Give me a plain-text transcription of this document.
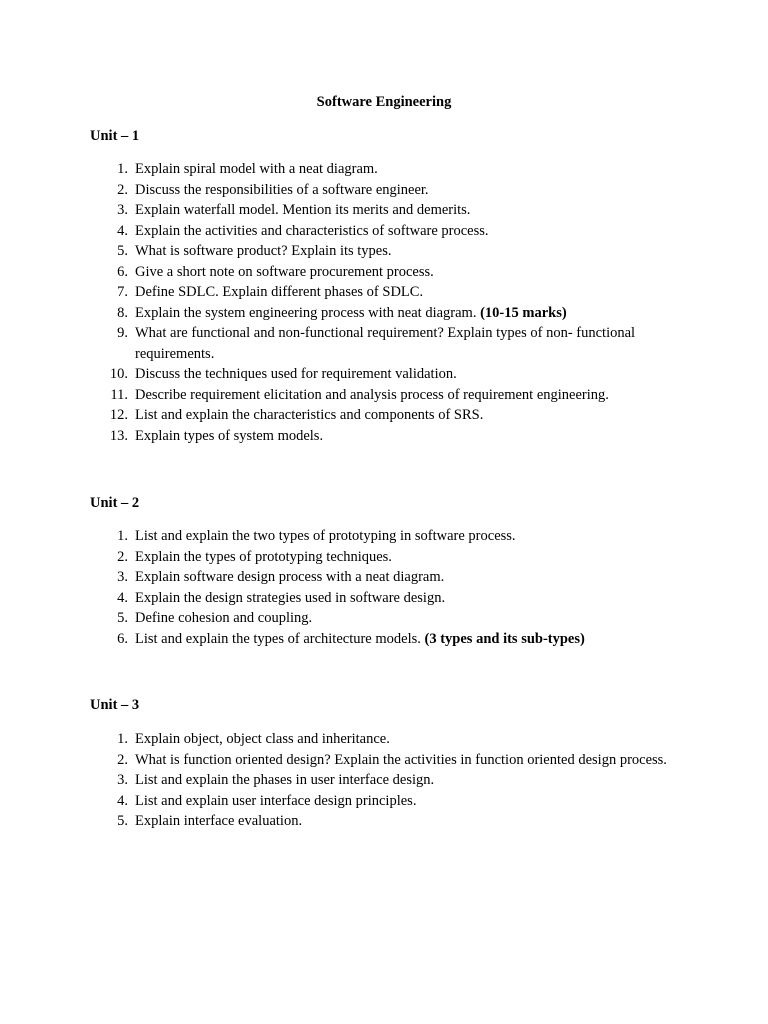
Software Engineering
Unit – 1
1. Explain spiral model with a neat diagram.
2. Discuss the responsibilities of a software engineer.
3. Explain waterfall model. Mention its merits and demerits.
4. Explain the activities and characteristics of software process.
5. What is software product? Explain its types.
6. Give a short note on software procurement process.
7. Define SDLC. Explain different phases of SDLC.
8. Explain the system engineering process with neat diagram. (10-15 marks)
9. What are functional and non-functional requirement? Explain types of non- functional requirements.
10. Discuss the techniques used for requirement validation.
11. Describe requirement elicitation and analysis process of requirement engineering.
12. List and explain the characteristics and components of SRS.
13. Explain types of system models.
Unit – 2
1. List and explain the two types of prototyping in software process.
2. Explain the types of prototyping techniques.
3. Explain software design process with a neat diagram.
4. Explain the design strategies used in software design.
5. Define cohesion and coupling.
6. List and explain the types of architecture models. (3 types and its sub-types)
Unit – 3
1. Explain object, object class and inheritance.
2. What is function oriented design? Explain the activities in function oriented design process.
3. List and explain the phases in user interface design.
4. List and explain user interface design principles.
5. Explain interface evaluation.
